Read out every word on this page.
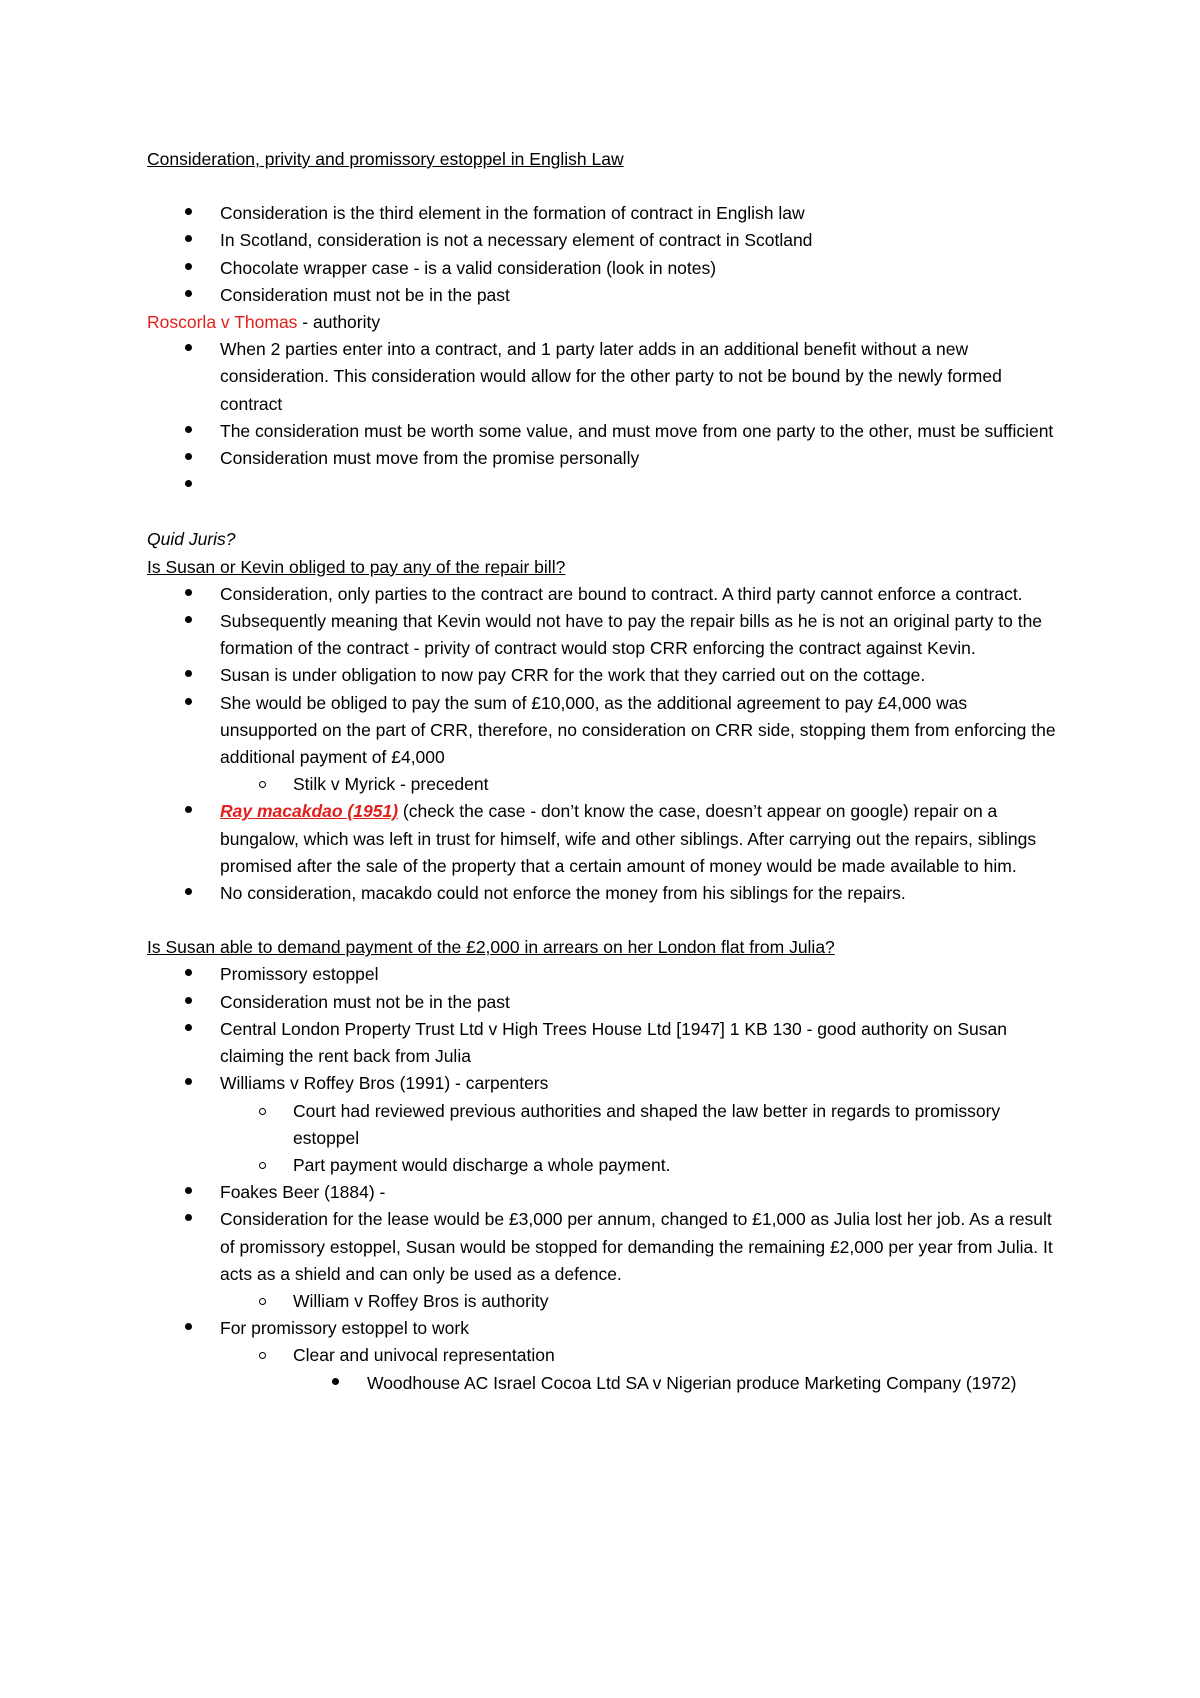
Consideration, privity and promissory estoppel in English Law

Consideration is the third element in the formation of contract in English law
In Scotland, consideration is not a necessary element of contract in Scotland
Chocolate wrapper case - is a valid consideration (look in notes)
Consideration must not be in the past

Roscorla v Thomas - authority

When 2 parties enter into a contract, and 1 party later adds in an additional benefit without a new consideration. This consideration would allow for the other party to not be bound by the newly formed contract
The consideration must be worth some value, and must move from one party to the other, must be sufficient
Consideration must move from the promise personally

Quid Juris?

Is Susan or Kevin obliged to pay any of the repair bill?

Consideration, only parties to the contract are bound to contract. A third party cannot enforce a contract.
Subsequently meaning that Kevin would not have to pay the repair bills as he is not an original party to the formation of the contract - privity of contract would stop CRR enforcing the contract against Kevin.
Susan is under obligation to now pay CRR for the work that they carried out on the cottage.
She would be obliged to pay the sum of £10,000, as the additional agreement to pay £4,000 was unsupported on the part of CRR, therefore, no consideration on CRR side, stopping them from enforcing the additional payment of £4,000
Stilk v Myrick - precedent
Ray macakdao (1951) (check the case - don’t know the case, doesn’t appear on google) repair on a bungalow, which was left in trust for himself, wife and other siblings. After carrying out the repairs, siblings promised after the sale of the property that a certain amount of money would be made available to him.
No consideration, macakdo could not enforce the money from his siblings for the repairs.

Is Susan able to demand payment of the £2,000 in arrears on her London flat from Julia?

Promissory estoppel
Consideration must not be in the past
Central London Property Trust Ltd v High Trees House Ltd [1947] 1 KB 130 - good authority on Susan claiming the rent back from Julia
Williams v Roffey Bros (1991) - carpenters
Court had reviewed previous authorities and shaped the law better in regards to promissory estoppel
Part payment would discharge a whole payment.
Foakes Beer (1884) -
Consideration for the lease would be £3,000 per annum, changed to £1,000 as Julia lost her job. As a result of promissory estoppel, Susan would be stopped for demanding the remaining £2,000 per year from Julia. It acts as a shield and can only be used as a defence.
William v Roffey Bros is authority
For promissory estoppel to work
Clear and univocal representation
Woodhouse AC Israel Cocoa Ltd SA v Nigerian produce Marketing Company (1972)
